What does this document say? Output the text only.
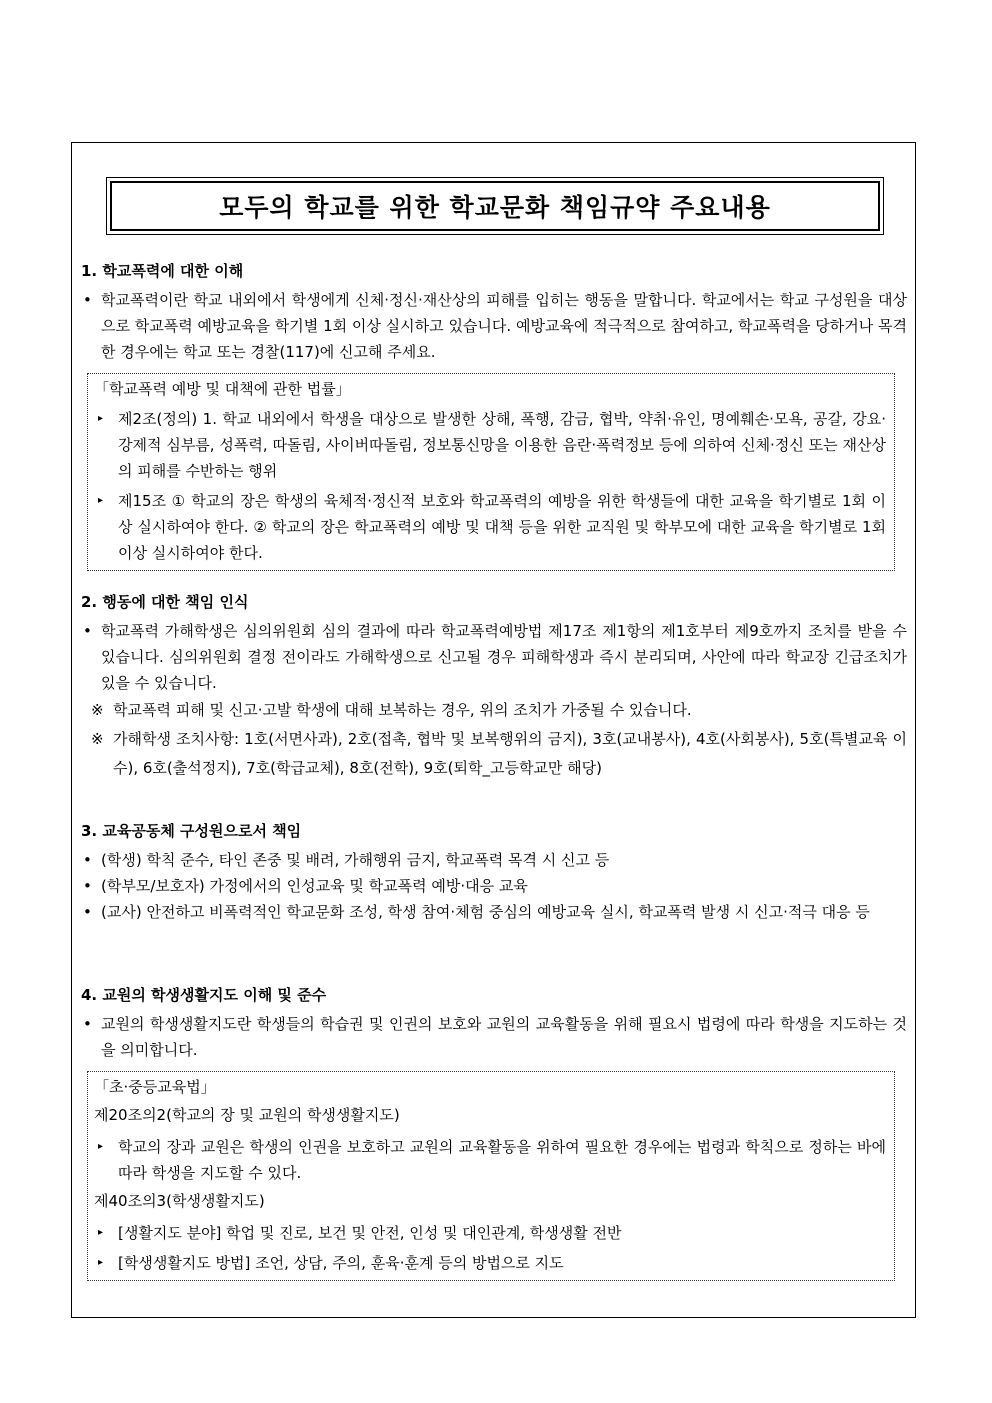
모두의 학교를 위한 학교문화 책임규약 주요내용
1. 학교폭력에 대한 이해
• 학교폭력이란 학교 내외에서 학생에게 신체·정신·재산상의 피해를 입히는 행동을 말합니다. 학교에서는 학교 구성원을 대상으로 학교폭력 예방교육을 학기별 1회 이상 실시하고 있습니다. 예방교육에 적극적으로 참여하고, 학교폭력을 당하거나 목격한 경우에는 학교 또는 경찰(117)에 신고해 주세요.
「학교폭력 예방 및 대책에 관한 법률」
▸ 제2조(정의) 1. 학교 내외에서 학생을 대상으로 발생한 상해, 폭행, 감금, 협박, 약취·유인, 명예훼손·모욕, 공갈, 강요·강제적 심부름, 성폭력, 따돌림, 사이버따돌림, 정보통신망을 이용한 음란·폭력정보 등에 의하여 신체·정신 또는 재산상의 피해를 수반하는 행위
▸ 제15조 ① 학교의 장은 학생의 육체적·정신적 보호와 학교폭력의 예방을 위한 학생들에 대한 교육을 학기별로 1회 이상 실시하여야 한다. ② 학교의 장은 학교폭력의 예방 및 대책 등을 위한 교직원 및 학부모에 대한 교육을 학기별로 1회 이상 실시하여야 한다.
2. 행동에 대한 책임 인식
• 학교폭력 가해학생은 심의위원회 심의 결과에 따라 학교폭력예방법 제17조 제1항의 제1호부터 제9호까지 조치를 받을 수 있습니다. 심의위원회 결정 전이라도 가해학생으로 신고될 경우 피해학생과 즉시 분리되며, 사안에 따라 학교장 긴급조치가 있을 수 있습니다.
※ 학교폭력 피해 및 신고·고발 학생에 대해 보복하는 경우, 위의 조치가 가중될 수 있습니다.
※ 가해학생 조치사항: 1호(서면사과), 2호(접촉, 협박 및 보복행위의 금지), 3호(교내봉사), 4호(사회봉사), 5호(특별교육 이수), 6호(출석정지), 7호(학급교체), 8호(전학), 9호(퇴학_고등학교만 해당)
3. 교육공동체 구성원으로서 책임
• (학생) 학칙 준수, 타인 존중 및 배려, 가해행위 금지, 학교폭력 목격 시 신고 등
• (학부모/보호자) 가정에서의 인성교육 및 학교폭력 예방·대응 교육
• (교사) 안전하고 비폭력적인 학교문화 조성, 학생 참여·체험 중심의 예방교육 실시, 학교폭력 발생 시 신고·적극 대응 등
4. 교원의 학생생활지도 이해 및 준수
• 교원의 학생생활지도란 학생들의 학습권 및 인권의 보호와 교원의 교육활동을 위해 필요시 법령에 따라 학생을 지도하는 것을 의미합니다.
「초·중등교육법」
제20조의2(학교의 장 및 교원의 학생생활지도)
▸ 학교의 장과 교원은 학생의 인권을 보호하고 교원의 교육활동을 위하여 필요한 경우에는 법령과 학칙으로 정하는 바에 따라 학생을 지도할 수 있다.
제40조의3(학생생활지도)
▸ [생활지도 분야] 학업 및 진로, 보건 및 안전, 인성 및 대인관계, 학생생활 전반
▸ [학생생활지도 방법] 조언, 상담, 주의, 훈육·훈계 등의 방법으로 지도
